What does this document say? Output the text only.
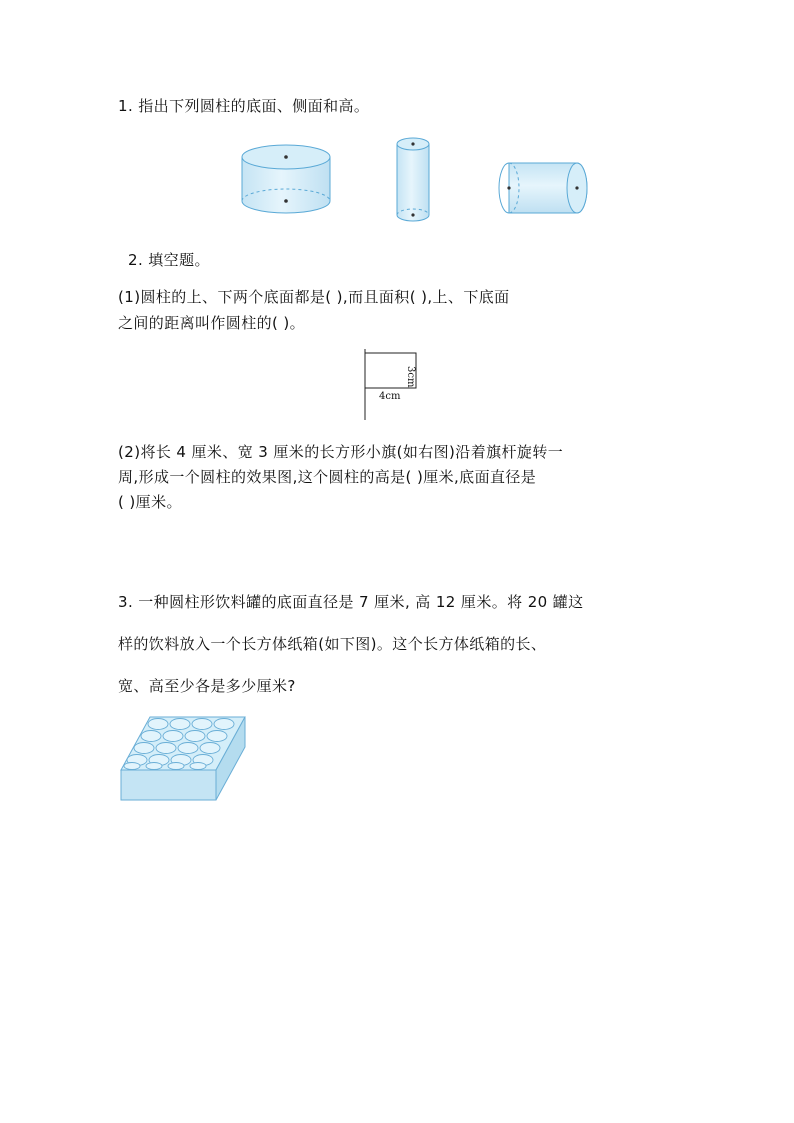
1. 指出下列圆柱的底面、侧面和高。
2. 填空题。
(1)圆柱的上、下两个底面都是( ),而且面积( ),上、下底面
之间的距离叫作圆柱的( )。
4cm
3cm
(2)将长 4 厘米、宽 3 厘米的长方形小旗(如右图)沿着旗杆旋转一
周,形成一个圆柱的效果图,这个圆柱的高是( )厘米,底面直径是
( )厘米。
3. 一种圆柱形饮料罐的底面直径是 7 厘米, 高 12 厘米。将 20 罐这
样的饮料放入一个长方体纸箱(如下图)。这个长方体纸箱的长、
宽、高至少各是多少厘米?
